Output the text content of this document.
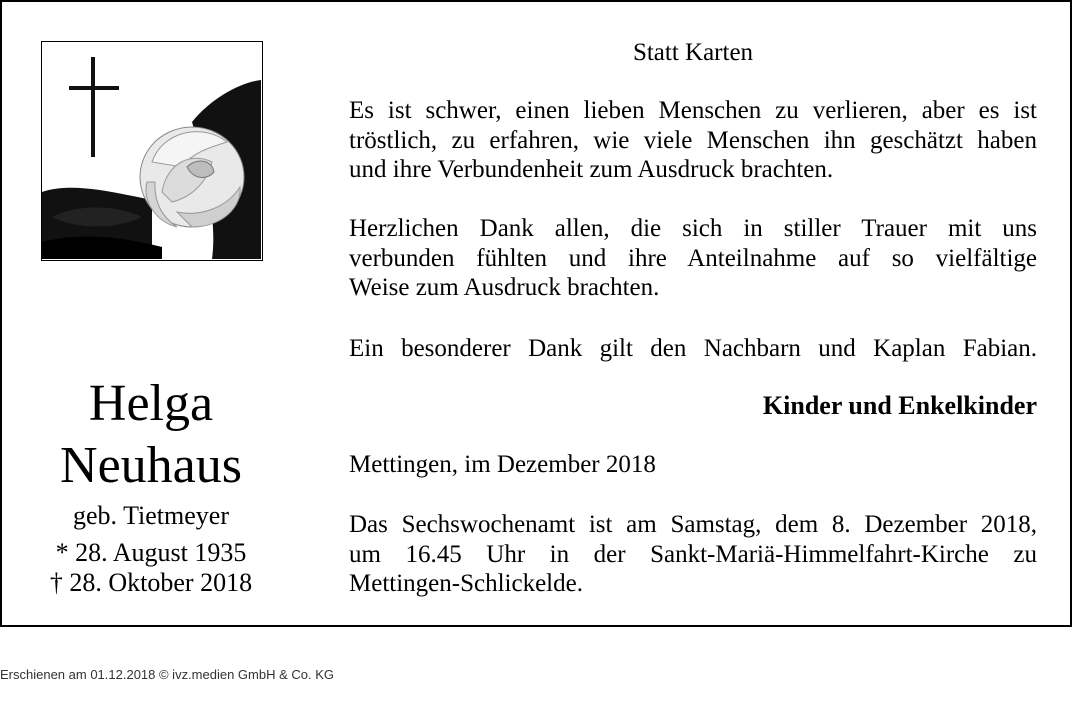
Helga
Neuhaus
geb. Tietmeyer
* 28. August 1935
† 28. Oktober 2018
Statt Karten
Es ist schwer, einen lieben Menschen zu verlieren, aber es ist
tröstlich, zu erfahren, wie viele Menschen ihn geschätzt haben
und ihre Verbundenheit zum Ausdruck brachten.
Herzlichen Dank allen, die sich in stiller Trauer mit uns
verbunden fühlten und ihre Anteilnahme auf so vielfältige
Weise zum Ausdruck brachten.
Ein besonderer Dank gilt den Nachbarn und Kaplan Fabian.
Kinder und Enkelkinder
Mettingen, im Dezember 2018
Das Sechswochenamt ist am Samstag, dem 8. Dezember 2018,
um 16.45 Uhr in der Sankt-Mariä-Himmelfahrt-Kirche zu
Mettingen-Schlickelde.
Erschienen am 01.12.2018 © ivz.medien GmbH & Co. KG
